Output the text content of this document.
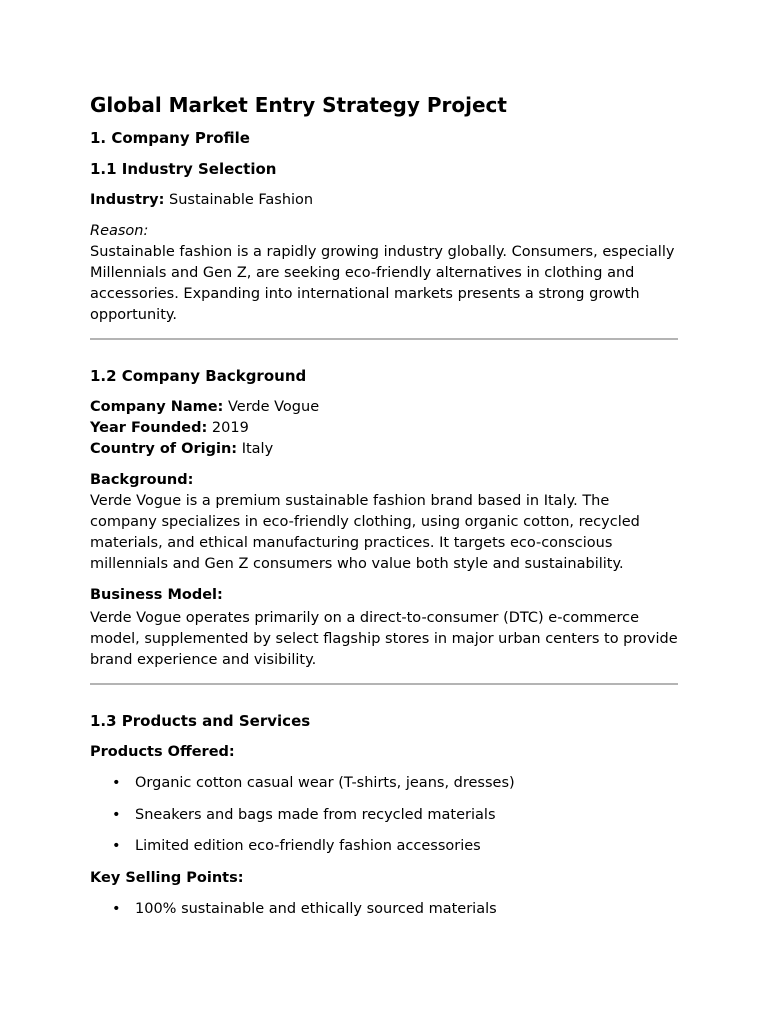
Global Market Entry Strategy Project
1. Company Profile
1.1 Industry Selection
Industry: Sustainable Fashion
Reason:
Sustainable fashion is a rapidly growing industry globally. Consumers, especially Millennials and Gen Z, are seeking eco-friendly alternatives in clothing and accessories. Expanding into international markets presents a strong growth opportunity.
1.2 Company Background
Company Name: Verde Vogue
Year Founded: 2019
Country of Origin: Italy
Background:
Verde Vogue is a premium sustainable fashion brand based in Italy. The company specializes in eco-friendly clothing, using organic cotton, recycled materials, and ethical manufacturing practices. It targets eco-conscious millennials and Gen Z consumers who value both style and sustainability.
Business Model:
Verde Vogue operates primarily on a direct-to-consumer (DTC) e-commerce model, supplemented by select flagship stores in major urban centers to provide brand experience and visibility.
1.3 Products and Services
Products Offered:
• Organic cotton casual wear (T-shirts, jeans, dresses)
• Sneakers and bags made from recycled materials
• Limited edition eco-friendly fashion accessories
Key Selling Points:
• 100% sustainable and ethically sourced materials
